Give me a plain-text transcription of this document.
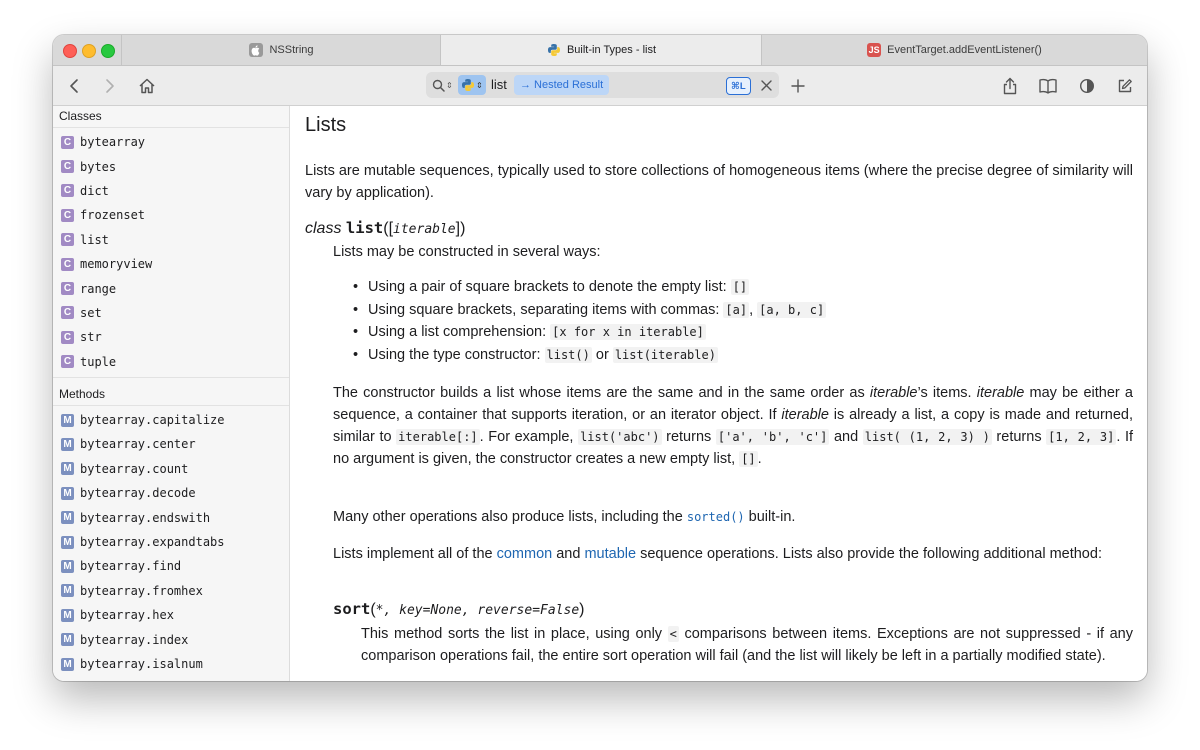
NSString	Built-in Types - list	JS EventTarget.addEventListener()
⇕	⇕ list	→ Nested Result	⌘L
Classes
C bytearray
C bytes
C dict
C frozenset
C list
C memoryview
C range
C set
C str
C tuple
Methods
M bytearray.capitalize
M bytearray.center
M bytearray.count
M bytearray.decode
M bytearray.endswith
M bytearray.expandtabs
M bytearray.find
M bytearray.fromhex
M bytearray.hex
M bytearray.index
M bytearray.isalnum
Lists

Lists are mutable sequences, typically used to store collections of homogeneous items (where the precise degree of similarity will vary by application).

class list([iterable])

Lists may be constructed in several ways:

• Using a pair of square brackets to denote the empty list: []
• Using square brackets, separating items with commas: [a] , [a, b, c]
• Using a list comprehension: [x for x in iterable]
• Using the type constructor: list() or list(iterable)

The constructor builds a list whose items are the same and in the same order as iterable’s items. iterable may be either a sequence, a container that supports iteration, or an iterator object. If iterable is already a list, a copy is made and returned, similar to iterable[:] . For example, list('abc') returns ['a', 'b', 'c'] and list( (1, 2, 3) ) returns [1, 2, 3] . If no argument is given, the constructor creates a new empty list, [] .

Many other operations also produce lists, including the sorted() built-in.

Lists implement all of the common and mutable sequence operations. Lists also provide the following additional method:

sort(*, key=None, reverse=False)

This method sorts the list in place, using only < comparisons between items. Exceptions are not suppressed - if any comparison operations fail, the entire sort operation will fail (and the list will likely be left in a partially modified state).
